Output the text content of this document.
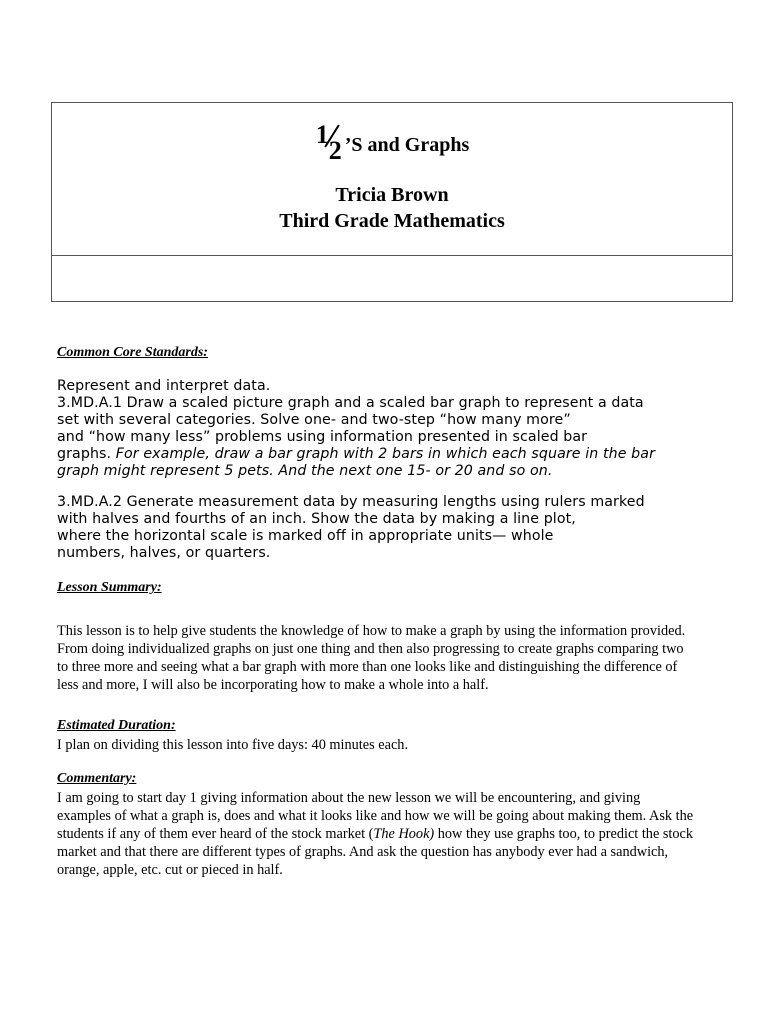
1
2 ’S and Graphs
Tricia Brown
Third Grade Mathematics

Common Core Standards:

Represent and interpret data.

3.MD.A.1 Draw a scaled picture graph and a scaled bar graph to represent a data

set with several categories. Solve one- and two-step “how many more”

and “how many less” problems using information presented in scaled bar

graphs. For example, draw a bar graph with 2 bars in which each square in the bar

graph might represent 5 pets. And the next one 15- or 20 and so on.

3.MD.A.2 Generate measurement data by measuring lengths using rulers marked

with halves and fourths of an inch. Show the data by making a line plot,

where the horizontal scale is marked off in appropriate units— whole

numbers, halves, or quarters.

Lesson Summary:

This lesson is to help give students the knowledge of how to make a graph by using the information provided.

From doing individualized graphs on just one thing and then also progressing to create graphs comparing two

to three more and seeing what a bar graph with more than one looks like and distinguishing the difference of

less and more, I will also be incorporating how to make a whole into a half.

Estimated Duration:

I plan on dividing this lesson into five days: 40 minutes each.

Commentary:

I am going to start day 1 giving information about the new lesson we will be encountering, and giving

examples of what a graph is, does and what it looks like and how we will be going about making them. Ask the

students if any of them ever heard of the stock market (The Hook) how they use graphs too, to predict the stock

market and that there are different types of graphs. And ask the question has anybody ever had a sandwich,

orange, apple, etc. cut or pieced in half.
